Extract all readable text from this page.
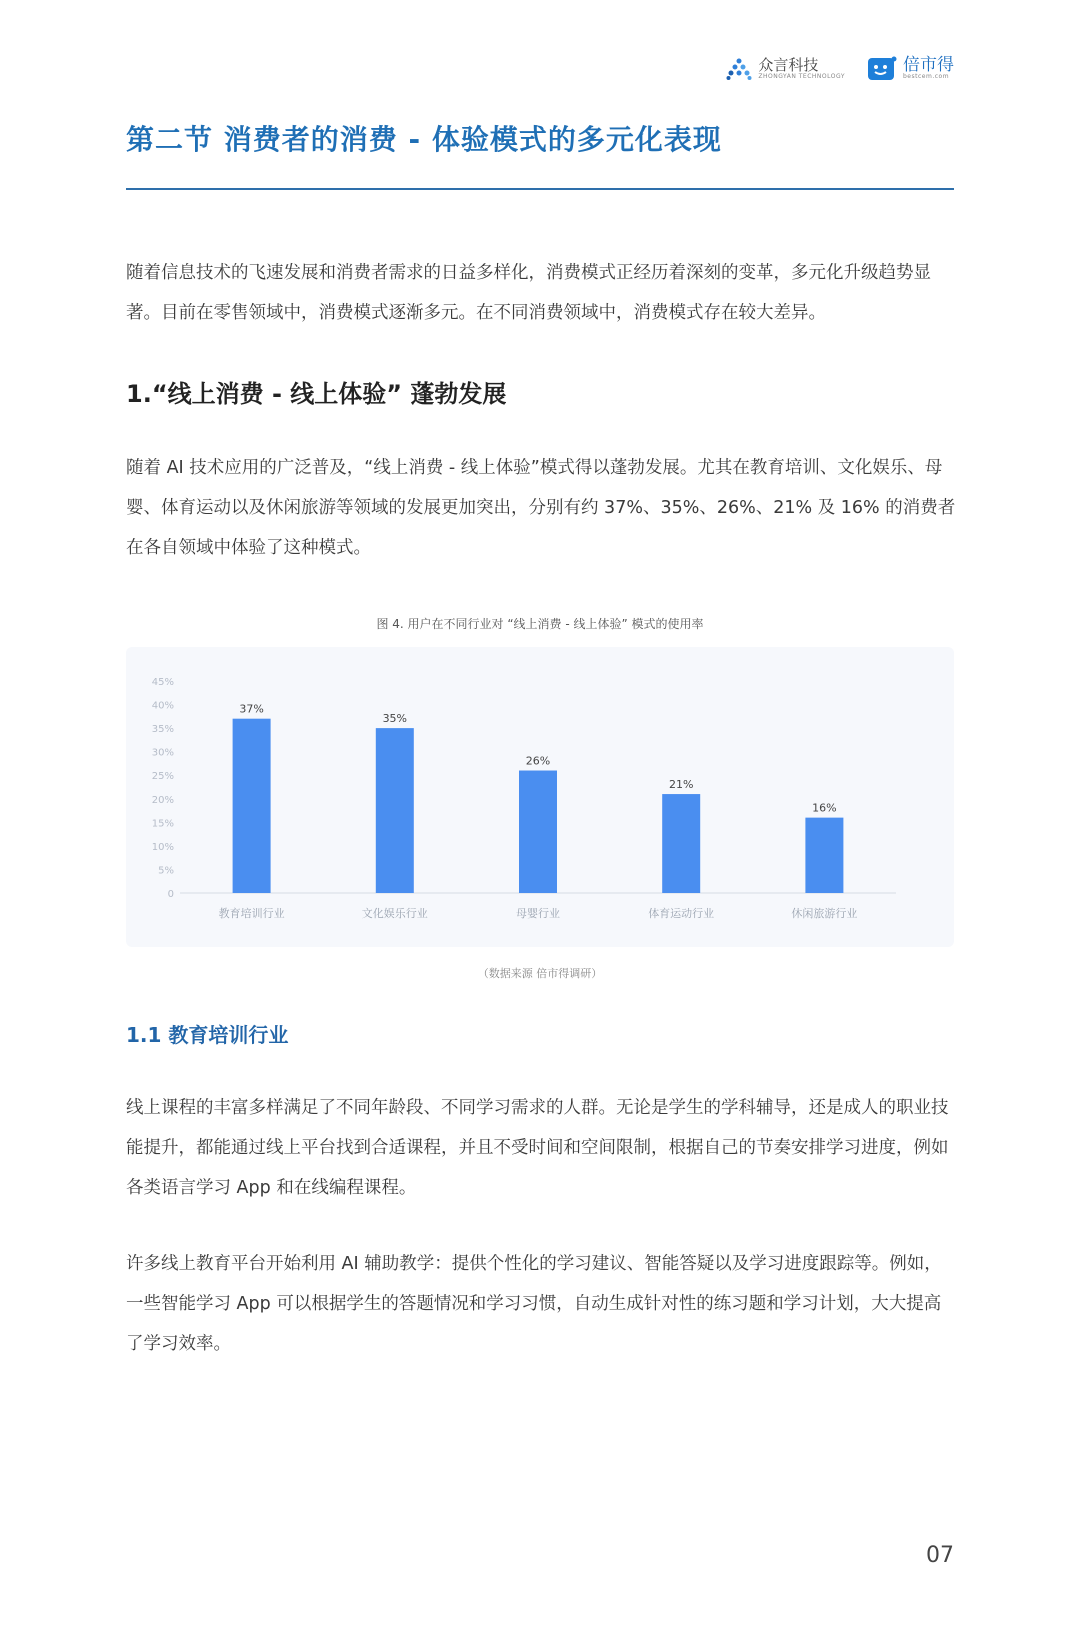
众言科技
ZHONGYAN TECHNOLOGY
倍市得
bestcem.com
第二节 消费者的消费 - 体验模式的多元化表现
随着信息技术的飞速发展和消费者需求的日益多样化，消费模式正经历着深刻的变革，多元化升级趋势显著。目前在零售领域中，消费模式逐渐多元。在不同消费领域中，消费模式存在较大差异。
1.“线上消费 - 线上体验” 蓬勃发展
随着 AI 技术应用的广泛普及，“线上消费 - 线上体验”模式得以蓬勃发展。尤其在教育培训、文化娱乐、母婴、体育运动以及休闲旅游等领域的发展更加突出，分别有约 37%、35%、26%、21% 及 16% 的消费者在各自领域中体验了这种模式。
图 4. 用户在不同行业对 “线上消费 - 线上体验” 模式的使用率
0
5%
10%
15%
20%
25%
30%
35%
40%
45%
37%
教育培训行业
35%
文化娱乐行业
26%
母婴行业
21%
体育运动行业
16%
休闲旅游行业
（数据来源 倍市得调研）
1.1 教育培训行业
线上课程的丰富多样满足了不同年龄段、不同学习需求的人群。无论是学生的学科辅导，还是成人的职业技能提升，都能通过线上平台找到合适课程，并且不受时间和空间限制，根据自己的节奏安排学习进度，例如各类语言学习 App 和在线编程课程。
许多线上教育平台开始利用 AI 辅助教学：提供个性化的学习建议、智能答疑以及学习进度跟踪等。例如，一些智能学习 App 可以根据学生的答题情况和学习习惯，自动生成针对性的练习题和学习计划，大大提高了学习效率。
07
